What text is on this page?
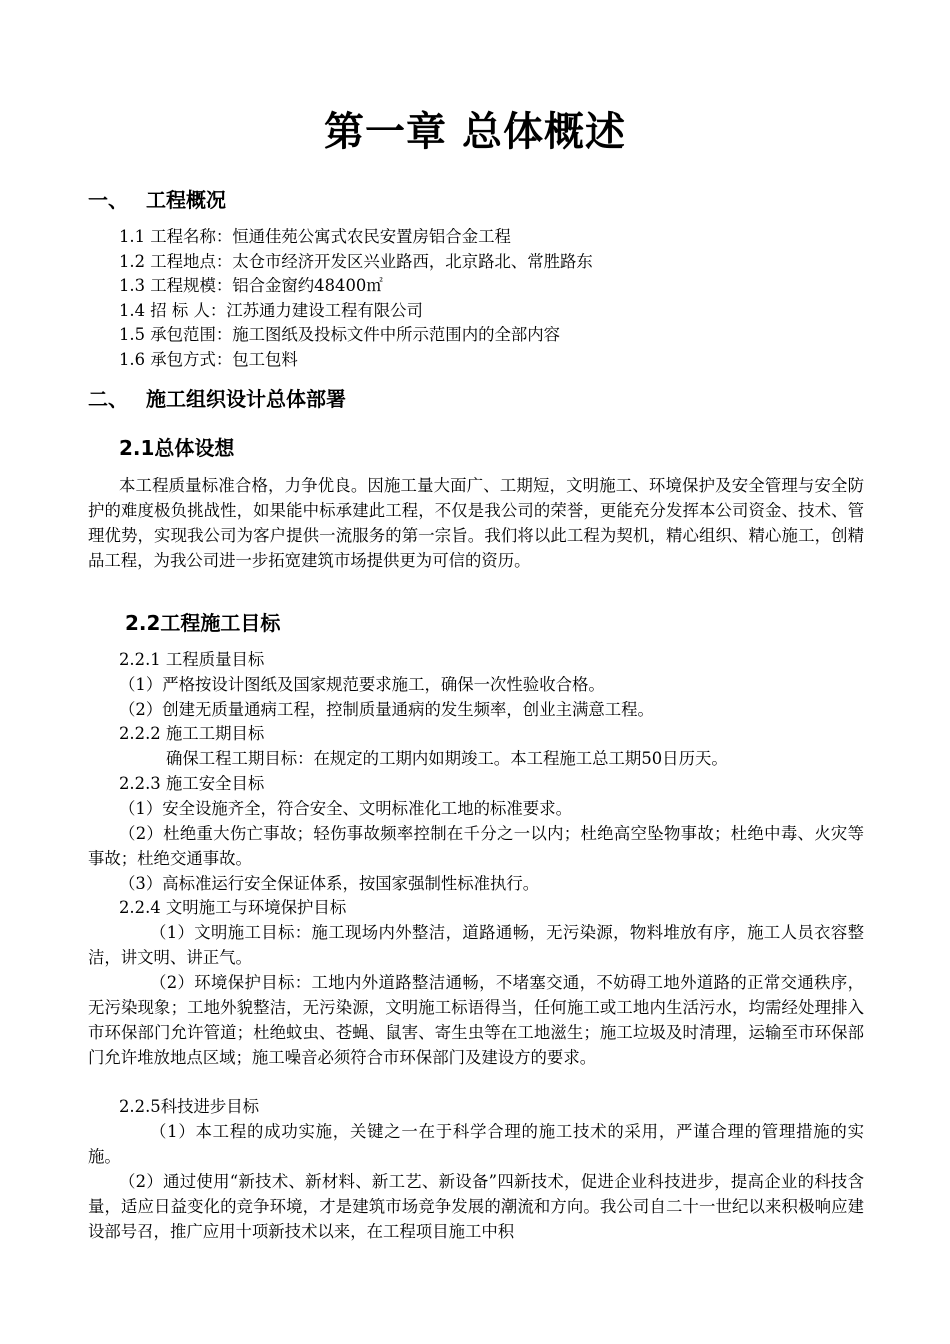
第一章 总体概述
一、 工程概况
1.1 工程名称：恒通佳苑公寓式农民安置房铝合金工程
1.2 工程地点：太仓市经济开发区兴业路西，北京路北、常胜路东
1.3 工程规模：铝合金窗约48400㎡
1.4 招 标 人：江苏通力建设工程有限公司
1.5 承包范围：施工图纸及投标文件中所示范围内的全部内容
1.6 承包方式：包工包料
二、 施工组织设计总体部署
2.1总体设想
本工程质量标准合格，力争优良。因施工量大面广、工期短，文明施工、环境保护及安全管理与安全防护的难度极负挑战性，如果能中标承建此工程，不仅是我公司的荣誉，更能充分发挥本公司资金、技术、管理优势，实现我公司为客户提供一流服务的第一宗旨。我们将以此工程为契机，精心组织、精心施工，创精品工程，为我公司进一步拓宽建筑市场提供更为可信的资历。
2.2工程施工目标
2.2.1 工程质量目标
（1）严格按设计图纸及国家规范要求施工，确保一次性验收合格。
（2）创建无质量通病工程，控制质量通病的发生频率，创业主满意工程。
2.2.2 施工工期目标
确保工程工期目标：在规定的工期内如期竣工。本工程施工总工期50日历天。
2.2.3 施工安全目标
（1）安全设施齐全，符合安全、文明标准化工地的标准要求。
（2）杜绝重大伤亡事故；轻伤事故频率控制在千分之一以内；杜绝高空坠物事故；杜绝中毒、火灾等事故；杜绝交通事故。
（3）高标准运行安全保证体系，按国家强制性标准执行。
2.2.4 文明施工与环境保护目标
（1）文明施工目标：施工现场内外整洁，道路通畅，无污染源，物料堆放有序，施工人员衣容整洁，讲文明、讲正气。
（2）环境保护目标：工地内外道路整洁通畅，不堵塞交通，不妨碍工地外道路的正常交通秩序，无污染现象；工地外貌整洁，无污染源，文明施工标语得当，任何施工或工地内生活污水，均需经处理排入市环保部门允许管道；杜绝蚊虫、苍蝇、鼠害、寄生虫等在工地滋生；施工垃圾及时清理，运输至市环保部门允许堆放地点区域；施工噪音必须符合市环保部门及建设方的要求。
2.2.5科技进步目标
（1）本工程的成功实施，关键之一在于科学合理的施工技术的采用，严谨合理的管理措施的实施。
（2）通过使用“新技术、新材料、新工艺、新设备”四新技术，促进企业科技进步，提高企业的科技含量，适应日益变化的竞争环境，才是建筑市场竞争发展的潮流和方向。我公司自二十一世纪以来积极响应建设部号召，推广应用十项新技术以来，在工程项目施工中积
